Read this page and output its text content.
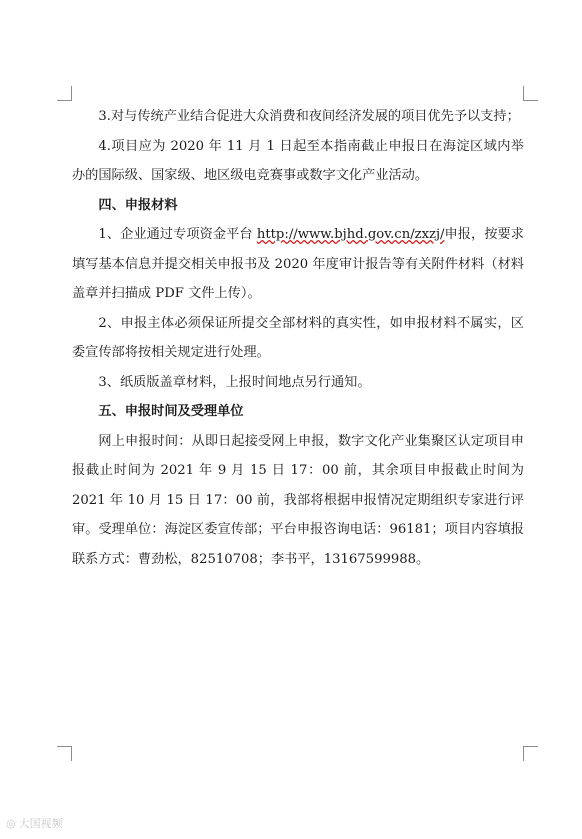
3.对与传统产业结合促进大众消费和夜间经济发展的项目优先予以支持；

4.项目应为 2020 年 11 月 1 日起至本指南截止申报日在海淀区域内举办的国际级、国家级、地区级电竞赛事或数字文化产业活动。

四、申报材料

1、企业通过专项资金平台 http://www.bjhd.gov.cn/zxzj/申报，按要求填写基本信息并提交相关申报书及 2020 年度审计报告等有关附件材料（材料盖章并扫描成 PDF 文件上传）。

2、申报主体必须保证所提交全部材料的真实性，如申报材料不属实，区委宣传部将按相关规定进行处理。

3、纸质版盖章材料，上报时间地点另行通知。

五、申报时间及受理单位

网上申报时间：从即日起接受网上申报，数字文化产业集聚区认定项目申报截止时间为 2021 年 9 月 15 日 17：00 前，其余项目申报截止时间为 2021 年 10 月 15 日 17：00 前，我部将根据申报情况定期组织专家进行评审。受理单位：海淀区委宣传部；平台申报咨询电话：96181；项目内容填报联系方式：曹劲松，82510708；李书平，13167599988。

◎ 大国视频
